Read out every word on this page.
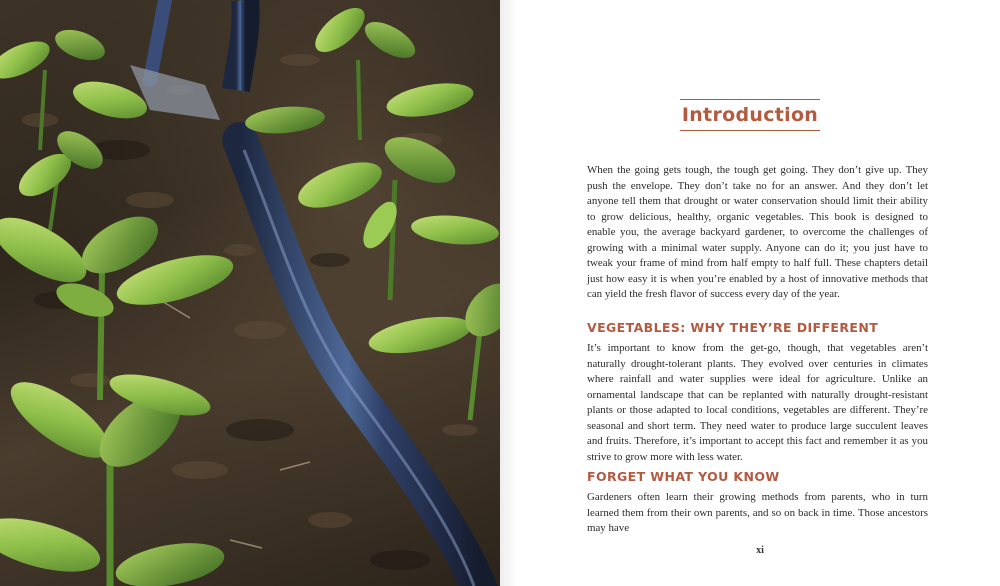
Introduction

When the going gets tough, the tough get going. They don’t give up. They push the envelope. They don’t take no for an answer. And they don’t let anyone tell them that drought or water conservation should limit their ability to grow delicious, healthy, organic vegetables. This book is designed to enable you, the average backyard gardener, to overcome the challenges of growing with a minimal water supply. Anyone can do it; you just have to tweak your frame of mind from half empty to half full. These chapters detail just how easy it is when you’re enabled by a host of innovative methods that can yield the fresh flavor of success every day of the year.

VEGETABLES: WHY THEY’RE DIFFERENT

It’s important to know from the get-go, though, that vegetables aren’t naturally drought-tolerant plants. They evolved over centuries in climates where rainfall and water supplies were ideal for agriculture. Unlike an ornamental landscape that can be replanted with naturally drought-resistant plants or those adapted to local conditions, vegetables are different. They’re seasonal and short term. They need water to produce large succulent leaves and fruits. Therefore, it’s important to accept this fact and remember it as you strive to grow more with less water.

FORGET WHAT YOU KNOW

Gardeners often learn their growing methods from parents, who in turn learned them from their own parents, and so on back in time. Those ancestors may have

xi
